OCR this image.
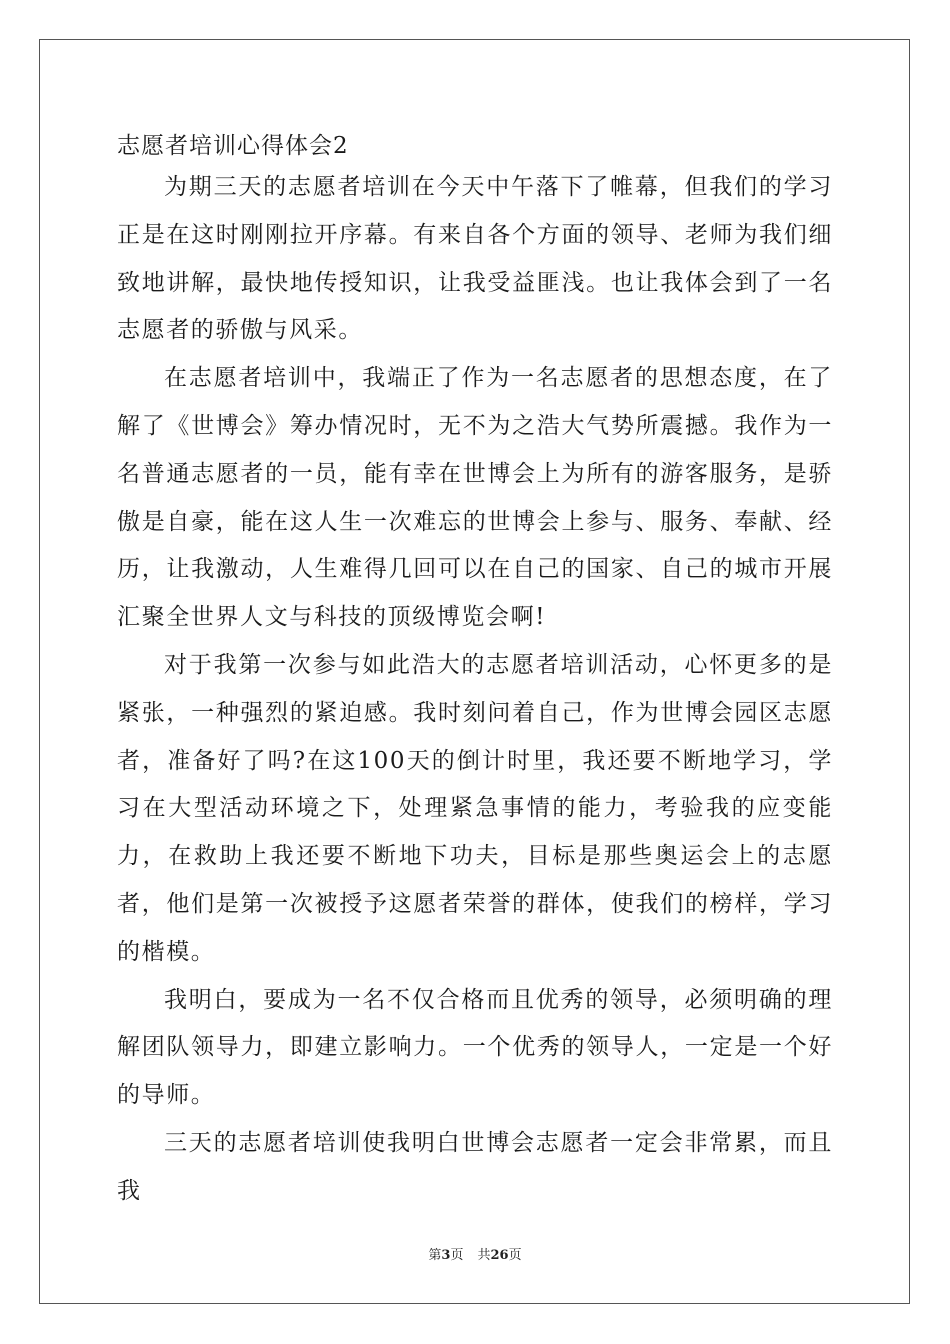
志愿者培训心得体会2

为期三天的志愿者培训在今天中午落下了帷幕，但我们的学习正是在这时刚刚拉开序幕。有来自各个方面的领导、老师为我们细致地讲解，最快地传授知识，让我受益匪浅。也让我体会到了一名志愿者的骄傲与风采。

在志愿者培训中，我端正了作为一名志愿者的思想态度，在了解了《世博会》筹办情况时，无不为之浩大气势所震撼。我作为一名普通志愿者的一员，能有幸在世博会上为所有的游客服务，是骄傲是自豪，能在这人生一次难忘的世博会上参与、服务、奉献、经历，让我激动，人生难得几回可以在自己的国家、自己的城市开展汇聚全世界人文与科技的顶级博览会啊!

对于我第一次参与如此浩大的志愿者培训活动，心怀更多的是紧张，一种强烈的紧迫感。我时刻问着自己，作为世博会园区志愿者，准备好了吗?在这100天的倒计时里，我还要不断地学习，学习在大型活动环境之下，处理紧急事情的能力，考验我的应变能力，在救助上我还要不断地下功夫，目标是那些奥运会上的志愿者，他们是第一次被授予这愿者荣誉的群体，使我们的榜样，学习的楷模。

我明白，要成为一名不仅合格而且优秀的领导，必须明确的理解团队领导力，即建立影响力。一个优秀的领导人，一定是一个好的导师。

三天的志愿者培训使我明白世博会志愿者一定会非常累，而且我

第3页 共26页
